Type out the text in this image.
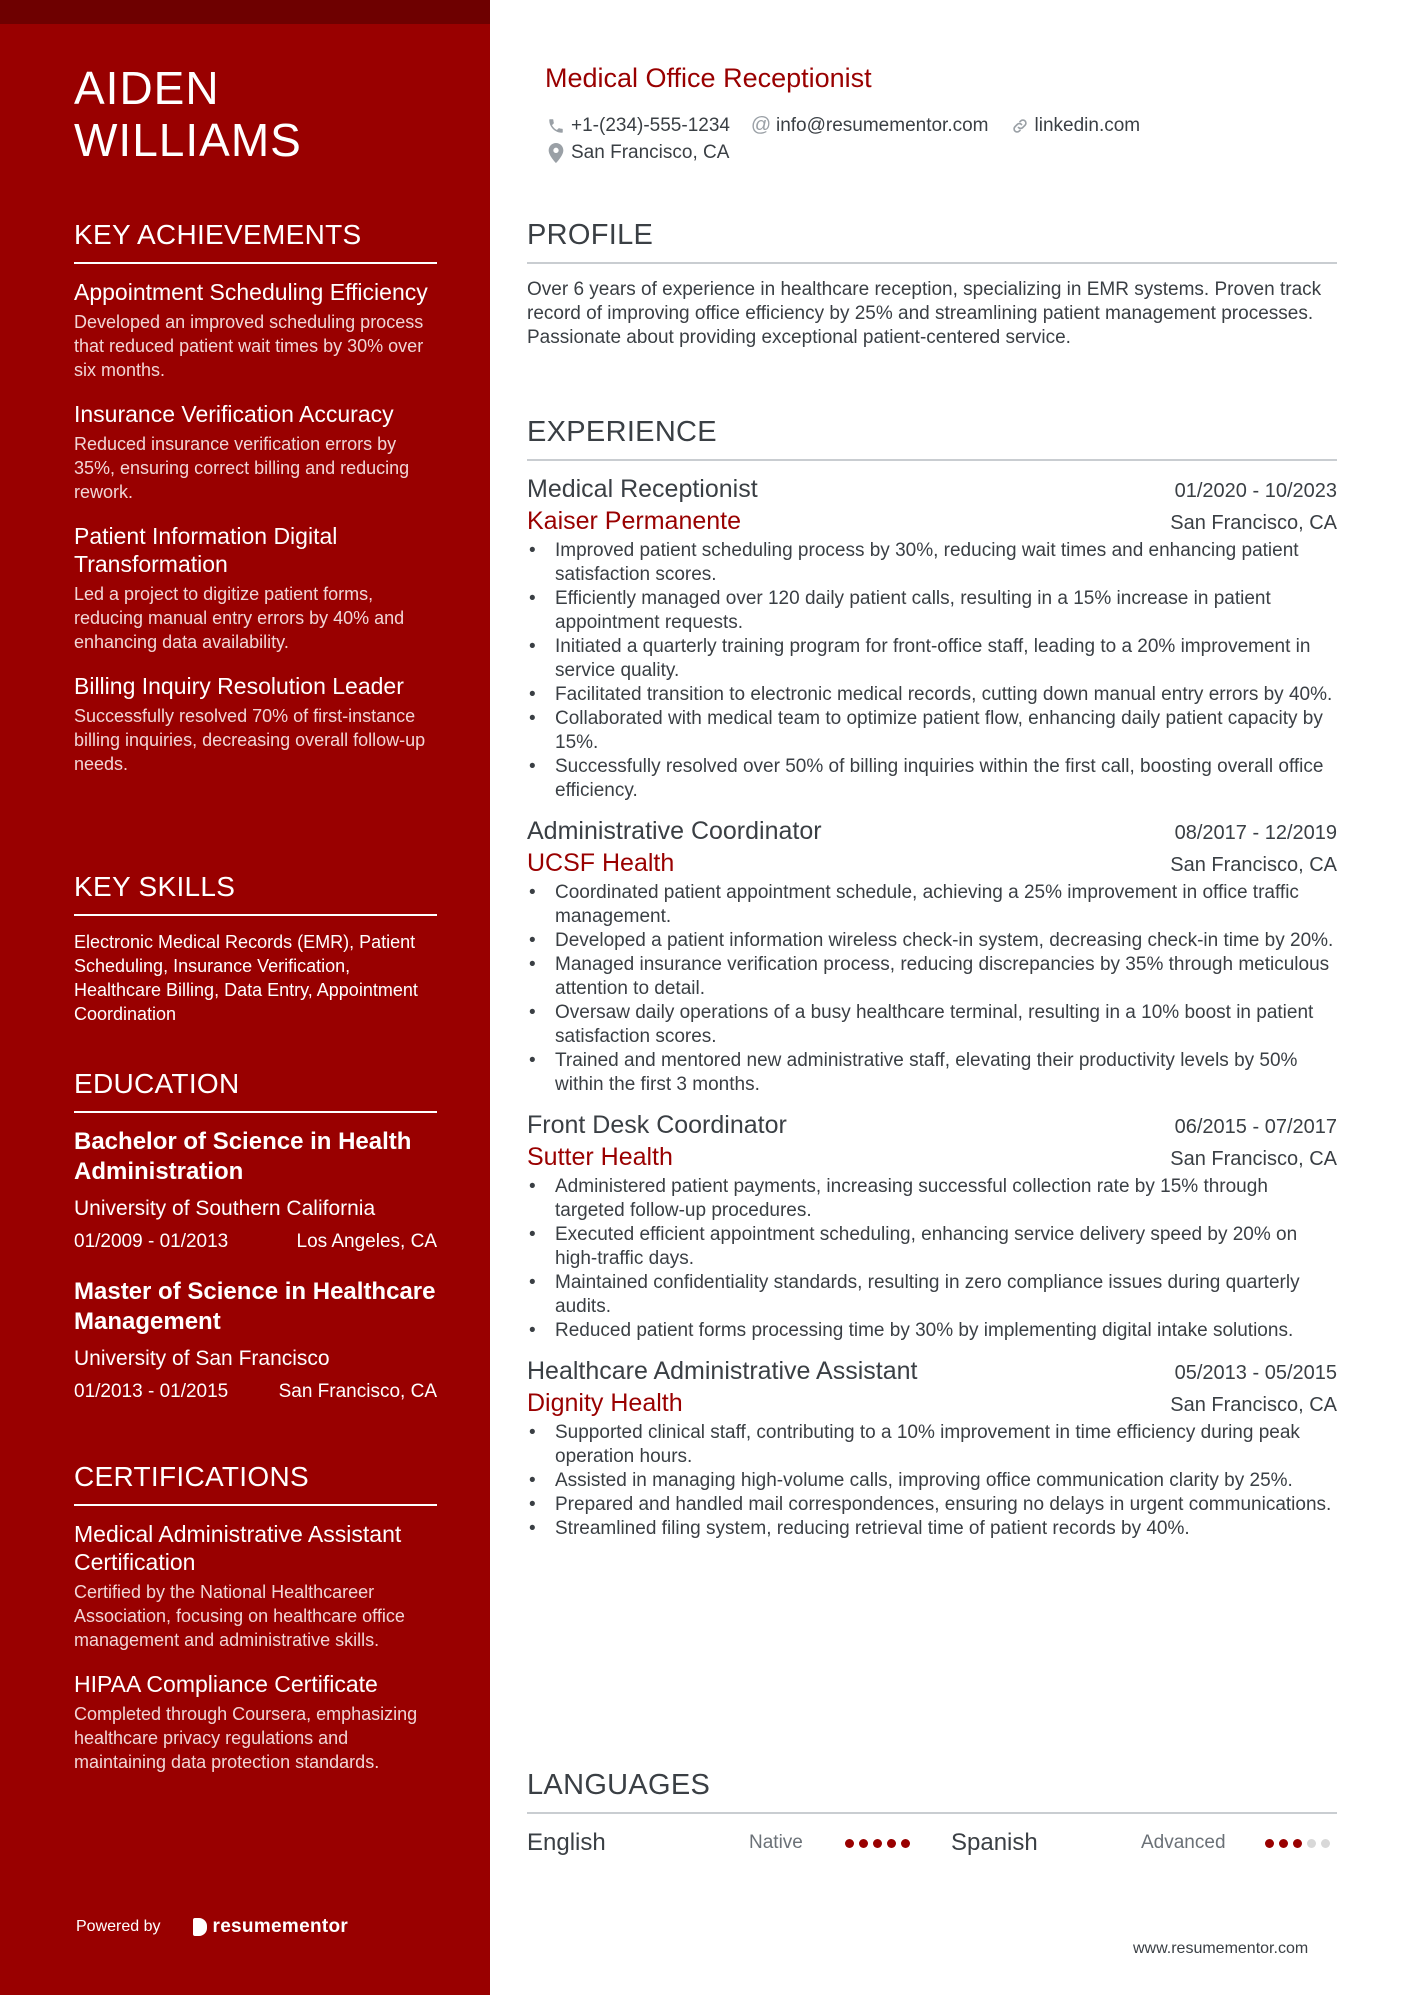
AIDEN
WILLIAMS
KEY ACHIEVEMENTS

Appointment Scheduling Efficiency

Developed an improved scheduling process that reduced patient wait times by 30% over six months.

Insurance Verification Accuracy

Reduced insurance verification errors by 35%, ensuring correct billing and reducing rework.

Patient Information Digital Transformation

Led a project to digitize patient forms, reducing manual entry errors by 40% and enhancing data availability.

Billing Inquiry Resolution Leader

Successfully resolved 70% of first-instance billing inquiries, decreasing overall follow-up needs.

KEY SKILLS

Electronic Medical Records (EMR), Patient Scheduling, Insurance Verification, Healthcare Billing, Data Entry, Appointment Coordination

EDUCATION

Bachelor of Science in Health Administration

University of Southern California

01/2009 - 01/2013	Los Angeles, CA

Master of Science in Healthcare Management

University of San Francisco

01/2013 - 01/2015	San Francisco, CA
CERTIFICATIONS

Medical Administrative Assistant Certification

Certified by the National Healthcareer Association, focusing on healthcare office management and administrative skills.

HIPAA Compliance Certificate

Completed through Coursera, emphasizing healthcare privacy regulations and maintaining data protection standards.

Powered by	resumementor
Medical Office Receptionist
+1-(234)-555-1234 @ info@resumementor.com linkedin.com
San Francisco, CA
PROFILE

Over 6 years of experience in healthcare reception, specializing in EMR systems. Proven track record of improving office efficiency by 25% and streamlining patient management processes. Passionate about providing exceptional patient-centered service.

EXPERIENCE
Medical Receptionist	01/2020 - 10/2023
Kaiser Permanente	San Francisco, CA
• Improved patient scheduling process by 30%, reducing wait times and enhancing patient satisfaction scores.
• Efficiently managed over 120 daily patient calls, resulting in a 15% increase in patient appointment requests.
• Initiated a quarterly training program for front-office staff, leading to a 20% improvement in service quality.
• Facilitated transition to electronic medical records, cutting down manual entry errors by 40%.
• Collaborated with medical team to optimize patient flow, enhancing daily patient capacity by 15%.
• Successfully resolved over 50% of billing inquiries within the first call, boosting overall office efficiency.
Administrative Coordinator	08/2017 - 12/2019
UCSF Health	San Francisco, CA
• Coordinated patient appointment schedule, achieving a 25% improvement in office traffic management.
• Developed a patient information wireless check-in system, decreasing check-in time by 20%.
• Managed insurance verification process, reducing discrepancies by 35% through meticulous attention to detail.
• Oversaw daily operations of a busy healthcare terminal, resulting in a 10% boost in patient satisfaction scores.
• Trained and mentored new administrative staff, elevating their productivity levels by 50% within the first 3 months.
Front Desk Coordinator	06/2015 - 07/2017
Sutter Health	San Francisco, CA
• Administered patient payments, increasing successful collection rate by 15% through targeted follow-up procedures.
• Executed efficient appointment scheduling, enhancing service delivery speed by 20% on high-traffic days.
• Maintained confidentiality standards, resulting in zero compliance issues during quarterly audits.
• Reduced patient forms processing time by 30% by implementing digital intake solutions.
Healthcare Administrative Assistant	05/2013 - 05/2015
Dignity Health	San Francisco, CA
• Supported clinical staff, contributing to a 10% improvement in time efficiency during peak operation hours.
• Assisted in managing high-volume calls, improving office communication clarity by 25%.
• Prepared and handled mail correspondences, ensuring no delays in urgent communications.
• Streamlined filing system, reducing retrieval time of patient records by 40%.
LANGUAGES
English	Native	Spanish	Advanced
www.resumementor.com
